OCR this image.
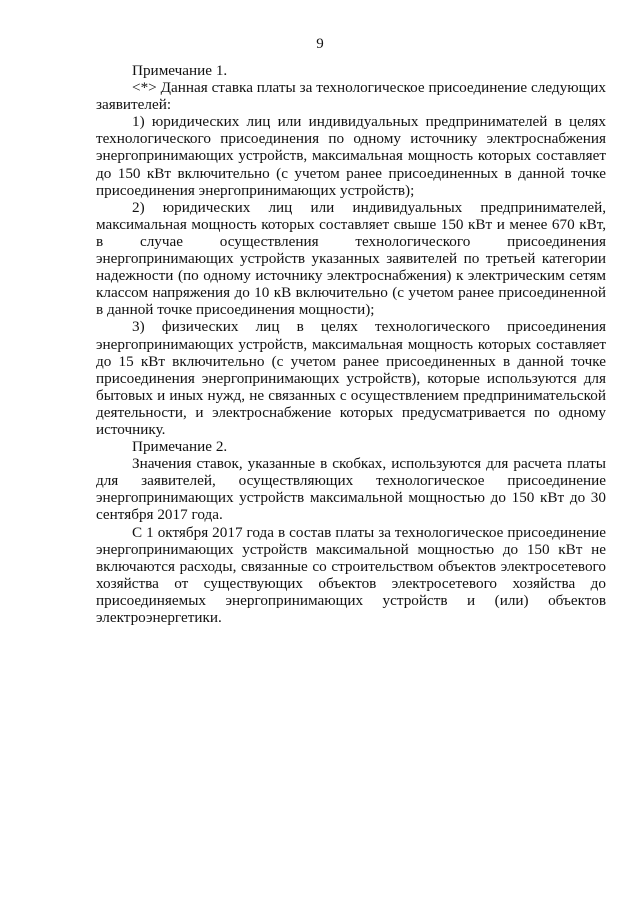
9

Примечание 1.

<*> Данная ставка платы за технологическое присоединение следующих заявителей:

1) юридических лиц или индивидуальных предпринимателей в целях технологического присоединения по одному источнику электроснабжения энергопринимающих устройств, максимальная мощность которых составляет до 150 кВт включительно (с учетом ранее присоединенных в данной точке присоединения энергопринимающих устройств);

2) юридических лиц или индивидуальных предпринимателей, максимальная мощность которых составляет свыше 150 кВт и менее 670 кВт, в случае осуществления технологического присоединения энергопринимающих устройств указанных заявителей по третьей категории надежности (по одному источнику электроснабжения) к электрическим сетям классом напряжения до 10 кВ включительно (с учетом ранее присоединенной в данной точке присоединения мощности);

3) физических лиц в целях технологического присоединения энергопринимающих устройств, максимальная мощность которых составляет до 15 кВт включительно (с учетом ранее присоединенных в данной точке присоединения энергопринимающих устройств), которые используются для бытовых и иных нужд, не связанных с осуществлением предпринимательской деятельности, и электроснабжение которых предусматривается по одному источнику.

Примечание 2.

Значения ставок, указанные в скобках, используются для расчета платы для заявителей, осуществляющих технологическое присоединение энергопринимающих устройств максимальной мощностью до 150 кВт до 30 сентября 2017 года.

С 1 октября 2017 года в состав платы за технологическое присоединение энергопринимающих устройств максимальной мощностью до 150 кВт не включаются расходы, связанные со строительством объектов электросетевого хозяйства от существующих объектов электросетевого хозяйства до присоединяемых энергопринимающих устройств и (или) объектов электроэнергетики.
